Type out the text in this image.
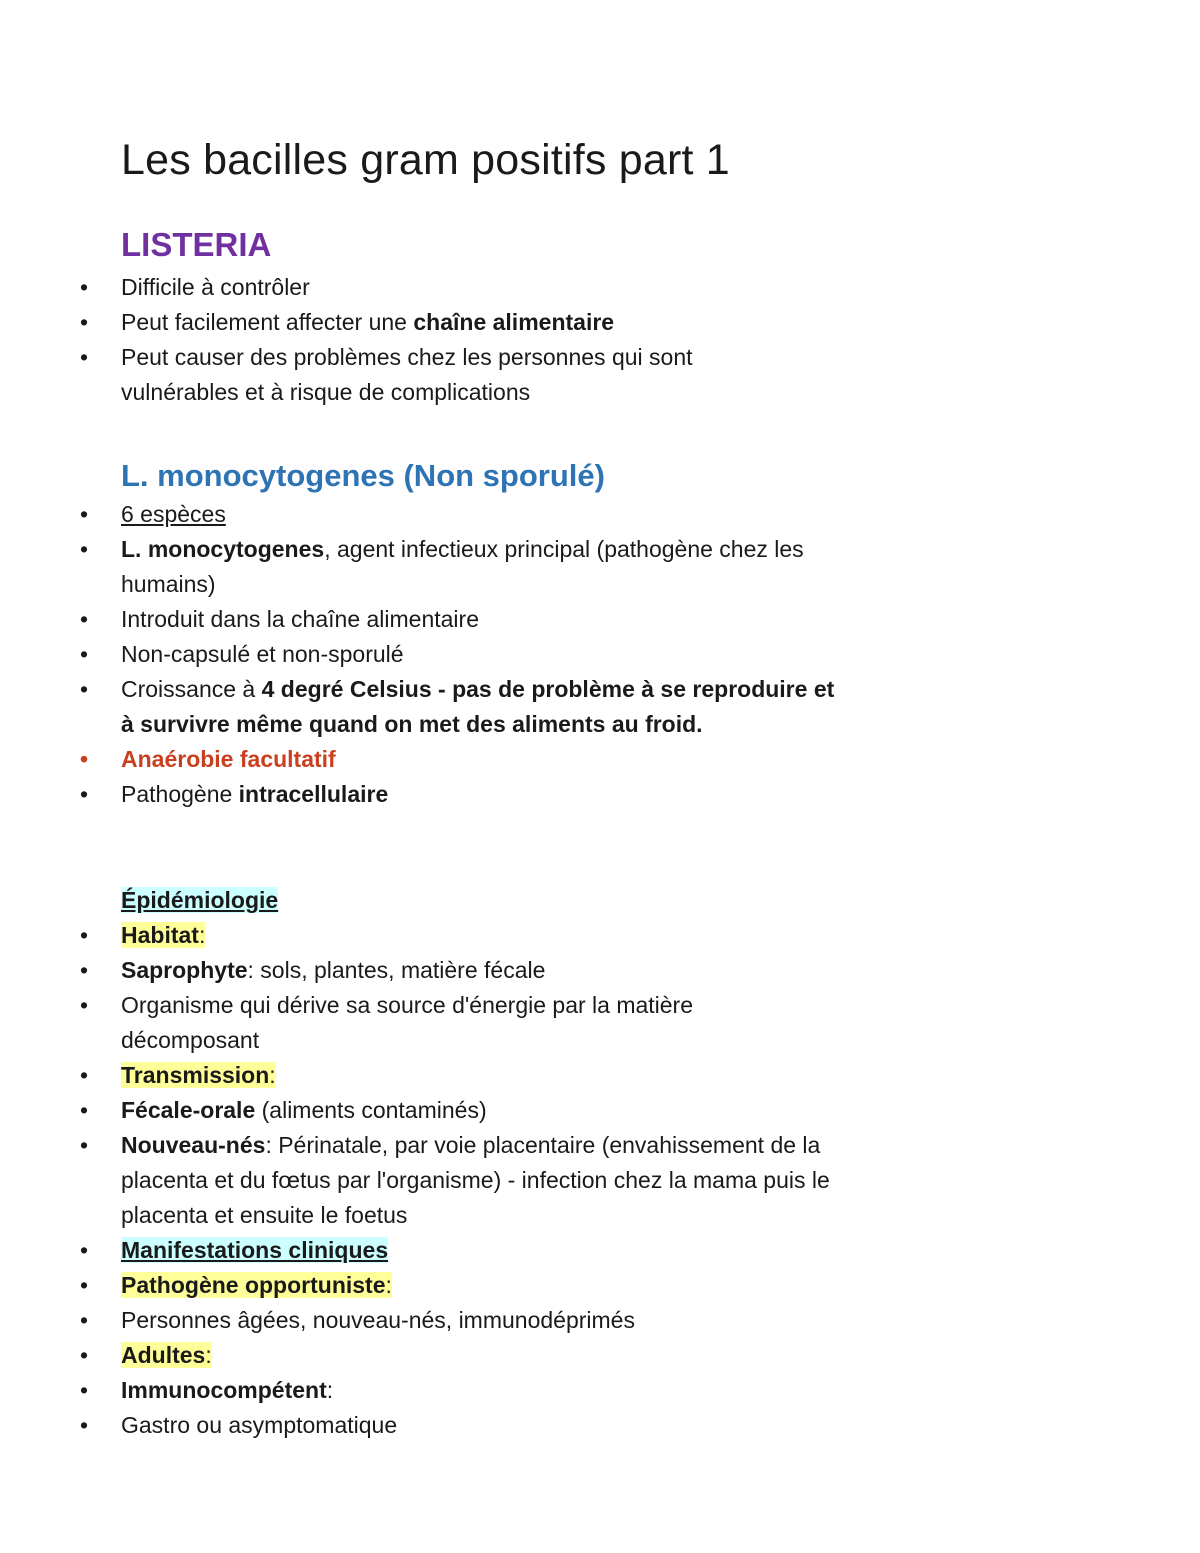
Les bacilles gram positifs part 1
LISTERIA
• Difficile à contrôler
• Peut facilement affecter une chaîne alimentaire
• Peut causer des problèmes chez les personnes qui sont vulnérables et à risque de complications
L. monocytogenes (Non sporulé)
• 6 espèces
• L. monocytogenes, agent infectieux principal (pathogène chez les humains)
• Introduit dans la chaîne alimentaire
• Non-capsulé et non-sporulé
• Croissance à 4 degré Celsius - pas de problème à se reproduire et à survivre même quand on met des aliments au froid.
• Anaérobie facultatif
• Pathogène intracellulaire

Épidémiologie

• Habitat:
• Saprophyte: sols, plantes, matière fécale
• Organisme qui dérive sa source d'énergie par la matière décomposant
• Transmission:
• Fécale-orale (aliments contaminés)
• Nouveau-nés: Périnatale, par voie placentaire (envahissement de la placenta et du fœtus par l'organisme) - infection chez la mama puis le placenta et ensuite le foetus
• Manifestations cliniques
• Pathogène opportuniste:
• Personnes âgées, nouveau-nés, immunodéprimés
• Adultes:
• Immunocompétent:
• Gastro ou asymptomatique
